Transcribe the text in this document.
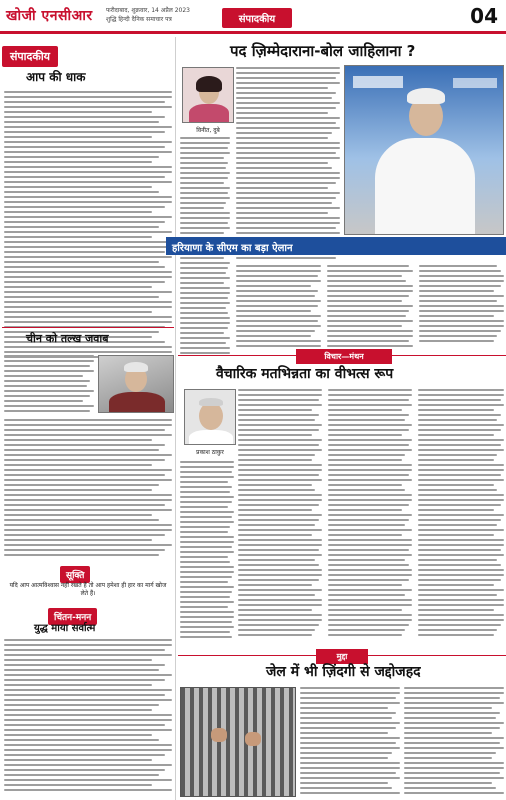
खोजी एनसीआर फरीदाबाद, शुक्रवार, 14 अप्रैल 2023
शुद्धि हिन्दी दैनिक समाचार पत्र	संपादकीय	04
संपादकीय
आप की धाक
चीन को तल्ख जवाब
सूक्ति
यदि आप आत्मविश्वास नहीं रखते हैं तो आप हमेशा ही हार का मार्ग खोज लेते हैं।
चिंतन-मनन
युद्ध माया सर्वात्म
पद ज़िम्मेदाराना-बोल जाहिलाना ?
विनीत, दुबे
हरियाणा के सीएम का बड़ा ऐलान
विचार—मंथन
वैचारिक मतभिन्नता का वीभत्स रूप
प्रकाश ठाकुर
मुद्दा
जेल में भी ज़िंदगी से जद्दोजहद
